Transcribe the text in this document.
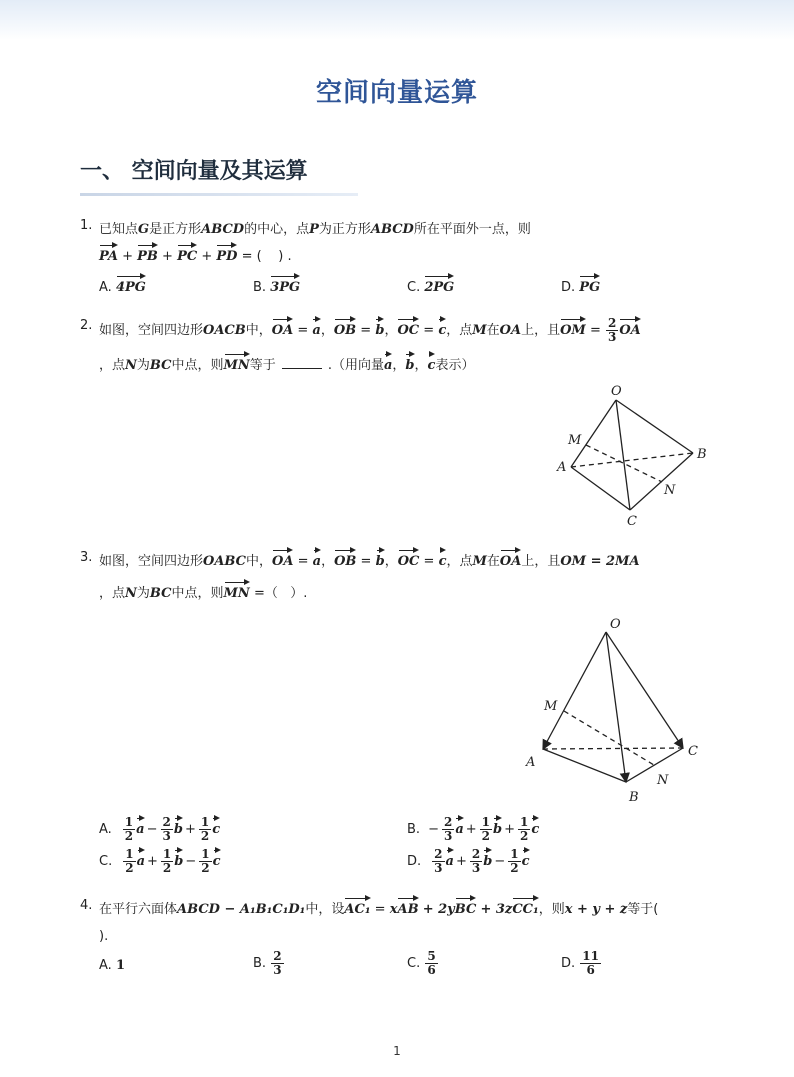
空间向量运算
一、 空间向量及其运算
1. 已知点G是正方形ABCD的中心，点P为正方形ABCD所在平面外一点，则
PA + PB + PC + PD = (    ) .
A. 4PG	B. 3PG	C. 2PG	D. PG
2. 如图，空间四边形OACB中，OA = a，OB = b，OC = c，点M在OA上，且OM = $\frac{2}{3}$ OA
，点N为BC中点，则MN等于	.（用向量a，b，c表示）
O
M
A
B
N
C
3. 如图，空间四边形OABC中，OA = a，OB = b，OC = c，点M在OA上，且OM = 2MA
，点N为BC中点，则MN =（   ）.
O
M
A
C
N
B
A. $\frac{1}{2}$ $a - \frac{2}{3}$ $b + \frac{1}{2}$ c	B. − $\frac{2}{3}$ $a + \frac{1}{2}$ $b + \frac{1}{2}$ c
C. $\frac{1}{2}$ $a + \frac{1}{2}$ $b - \frac{1}{2}$ c	D. $\frac{2}{3}$ $a + \frac{2}{3}$ $b - \frac{1}{2}$ c
4. 在平行六面体ABCD − A₁B₁C₁D₁中，设AC₁ = xAB + 2yBC + 3zCC₁，则x + y + z等于(
).
A. 1	B. $\frac{2}{3}$	C. $\frac{5}{6}$	D. $\frac{11}{6}$
1
